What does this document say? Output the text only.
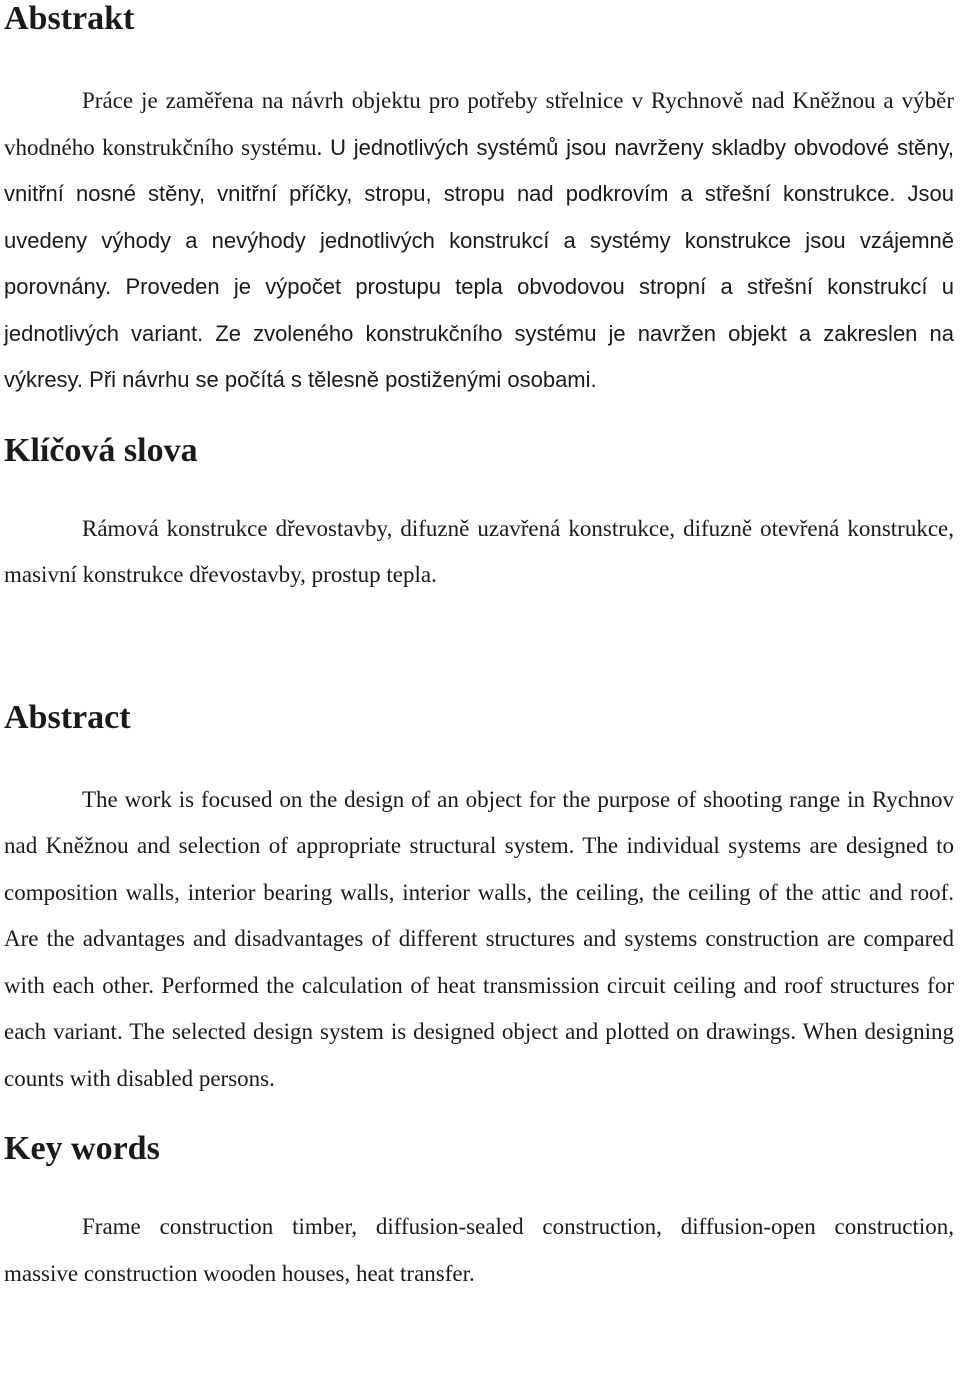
Abstrakt

Práce je zaměřena na návrh objektu pro potřeby střelnice v Rychnově nad Kněžnou a výběr vhodného konstrukčního systému. U jednotlivých systémů jsou navrženy skladby obvodové stěny, vnitřní nosné stěny, vnitřní příčky, stropu, stropu nad podkrovím a střešní konstrukce. Jsou uvedeny výhody a nevýhody jednotlivých konstrukcí a systémy konstrukce jsou vzájemně porovnány. Proveden je výpočet prostupu tepla obvodovou stropní a střešní konstrukcí u jednotlivých variant. Ze zvoleného konstrukčního systému je navržen objekt a zakreslen na výkresy. Při návrhu se počítá s tělesně postiženými osobami.

Klíčová slova

Rámová konstrukce dřevostavby, difuzně uzavřená konstrukce, difuzně otevřená konstrukce, masivní konstrukce dřevostavby, prostup tepla.

Abstract

The work is focused on the design of an object for the purpose of shooting range in Rychnov nad Kněžnou and selection of appropriate structural system. The individual systems are designed to composition walls, interior bearing walls, interior walls, the ceiling, the ceiling of the attic and roof. Are the advantages and disadvantages of different structures and systems construction are compared with each other. Performed the calculation of heat transmission circuit ceiling and roof structures for each variant. The selected design system is designed object and plotted on drawings. When designing counts with disabled persons.

Key words

Frame construction timber, diffusion-sealed construction, diffusion-open construction, massive construction wooden houses, heat transfer.
